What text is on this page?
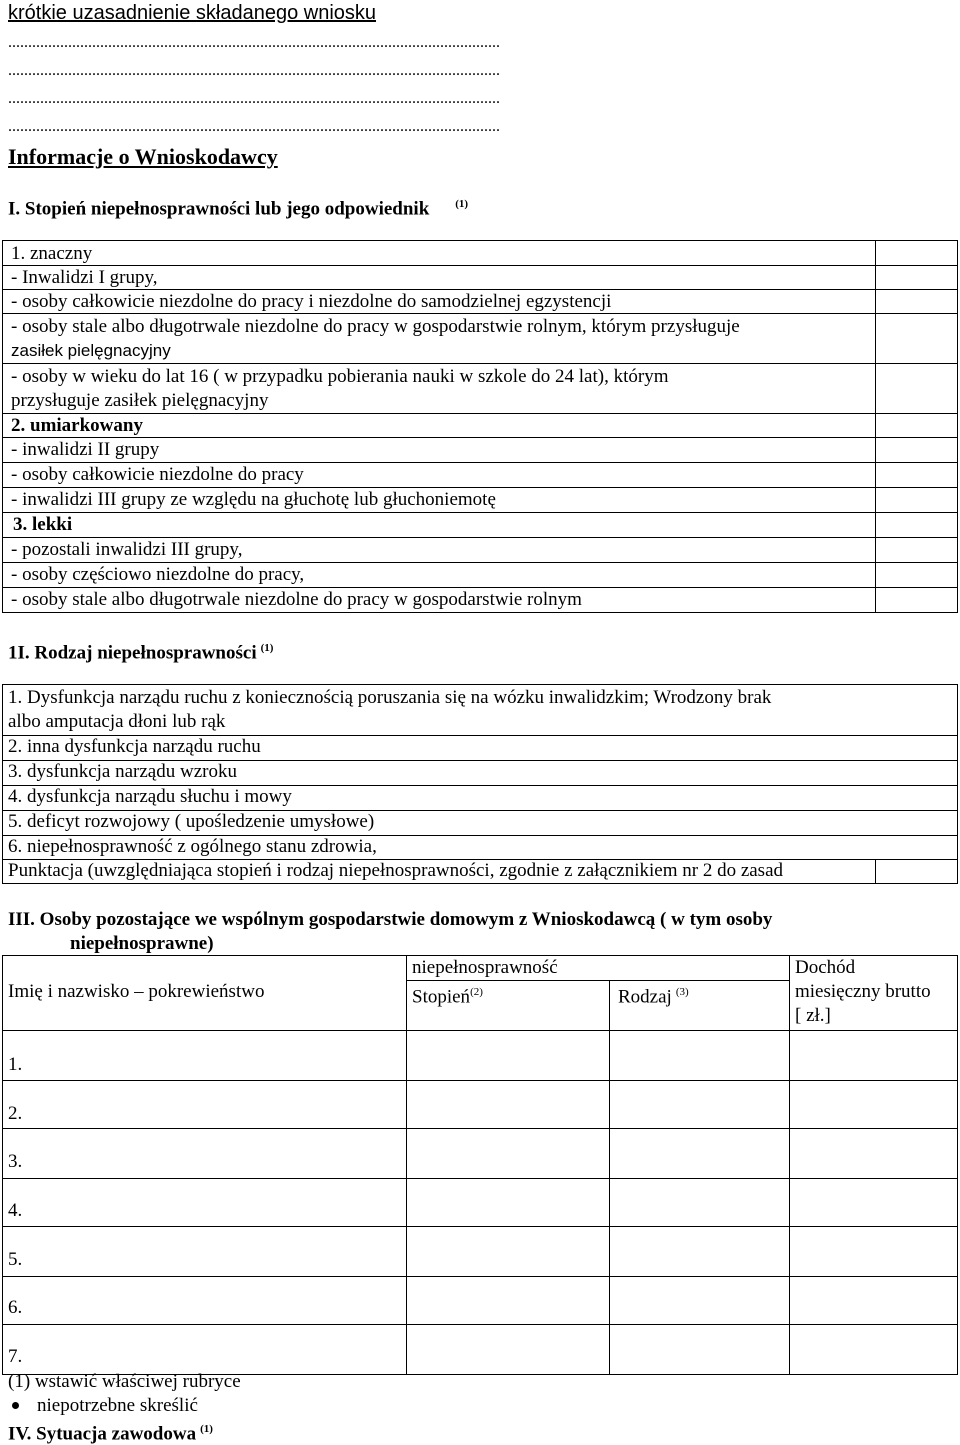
krótkie uzasadnienie składanego wniosku
...........................................................................................................................
...........................................................................................................................
...........................................................................................................................
...........................................................................................................................
Informacje o Wnioskodawcy
I. Stopień niepełnosprawności lub jego odpowiednik $^{(1)}$
1. znaczny
- Inwalidzi I grupy,
- osoby całkowicie niezdolne do pracy i niezdolne do samodzielnej egzystencji
- osoby stale albo długotrwale niezdolne do pracy w gospodarstwie rolnym, którym przysługuje
zasiłek pielęgnacyjny
- osoby w wieku do lat 16 ( w przypadku pobierania nauki w szkole do 24 lat), którym
przysługuje zasiłek pielęgnacyjny
2. umiarkowany
- inwalidzi II grupy
- osoby całkowicie niezdolne do pracy
- inwalidzi III grupy ze względu na głuchotę lub głuchoniemotę
3. lekki
- pozostali inwalidzi III grupy,
- osoby częściowo niezdolne do pracy,
- osoby stale albo długotrwale niezdolne do pracy w gospodarstwie rolnym
1I. Rodzaj niepełnosprawności $^{(1)}$
1. Dysfunkcja narządu ruchu z koniecznością poruszania się na wózku inwalidzkim; Wrodzony brak
albo amputacja dłoni lub rąk
2. inna dysfunkcja narządu ruchu
3. dysfunkcja narządu wzroku
4. dysfunkcja narządu słuchu i mowy
5. deficyt rozwojowy ( upośledzenie umysłowe)
6. niepełnosprawność z ogólnego stanu zdrowia,
Punktacja (uwzględniająca stopień i rodzaj niepełnosprawności, zgodnie z załącznikiem nr 2 do zasad
III. Osoby pozostające we wspólnym gospodarstwie domowym z Wnioskodawcą ( w tym osoby
niepełnosprawne)
Imię i nazwisko – pokrewieństwo
niepełnosprawność
Stopień$^{(2)}$	Rodzaj $^{(3)}$
Dochód
miesięczny brutto
[ zł.]
1.
2.
3.
4.
5.
6.
7.
(1) wstawić właściwej rubryce
niepotrzebne skreślić
IV. Sytuacja zawodowa $^{(1)}$
